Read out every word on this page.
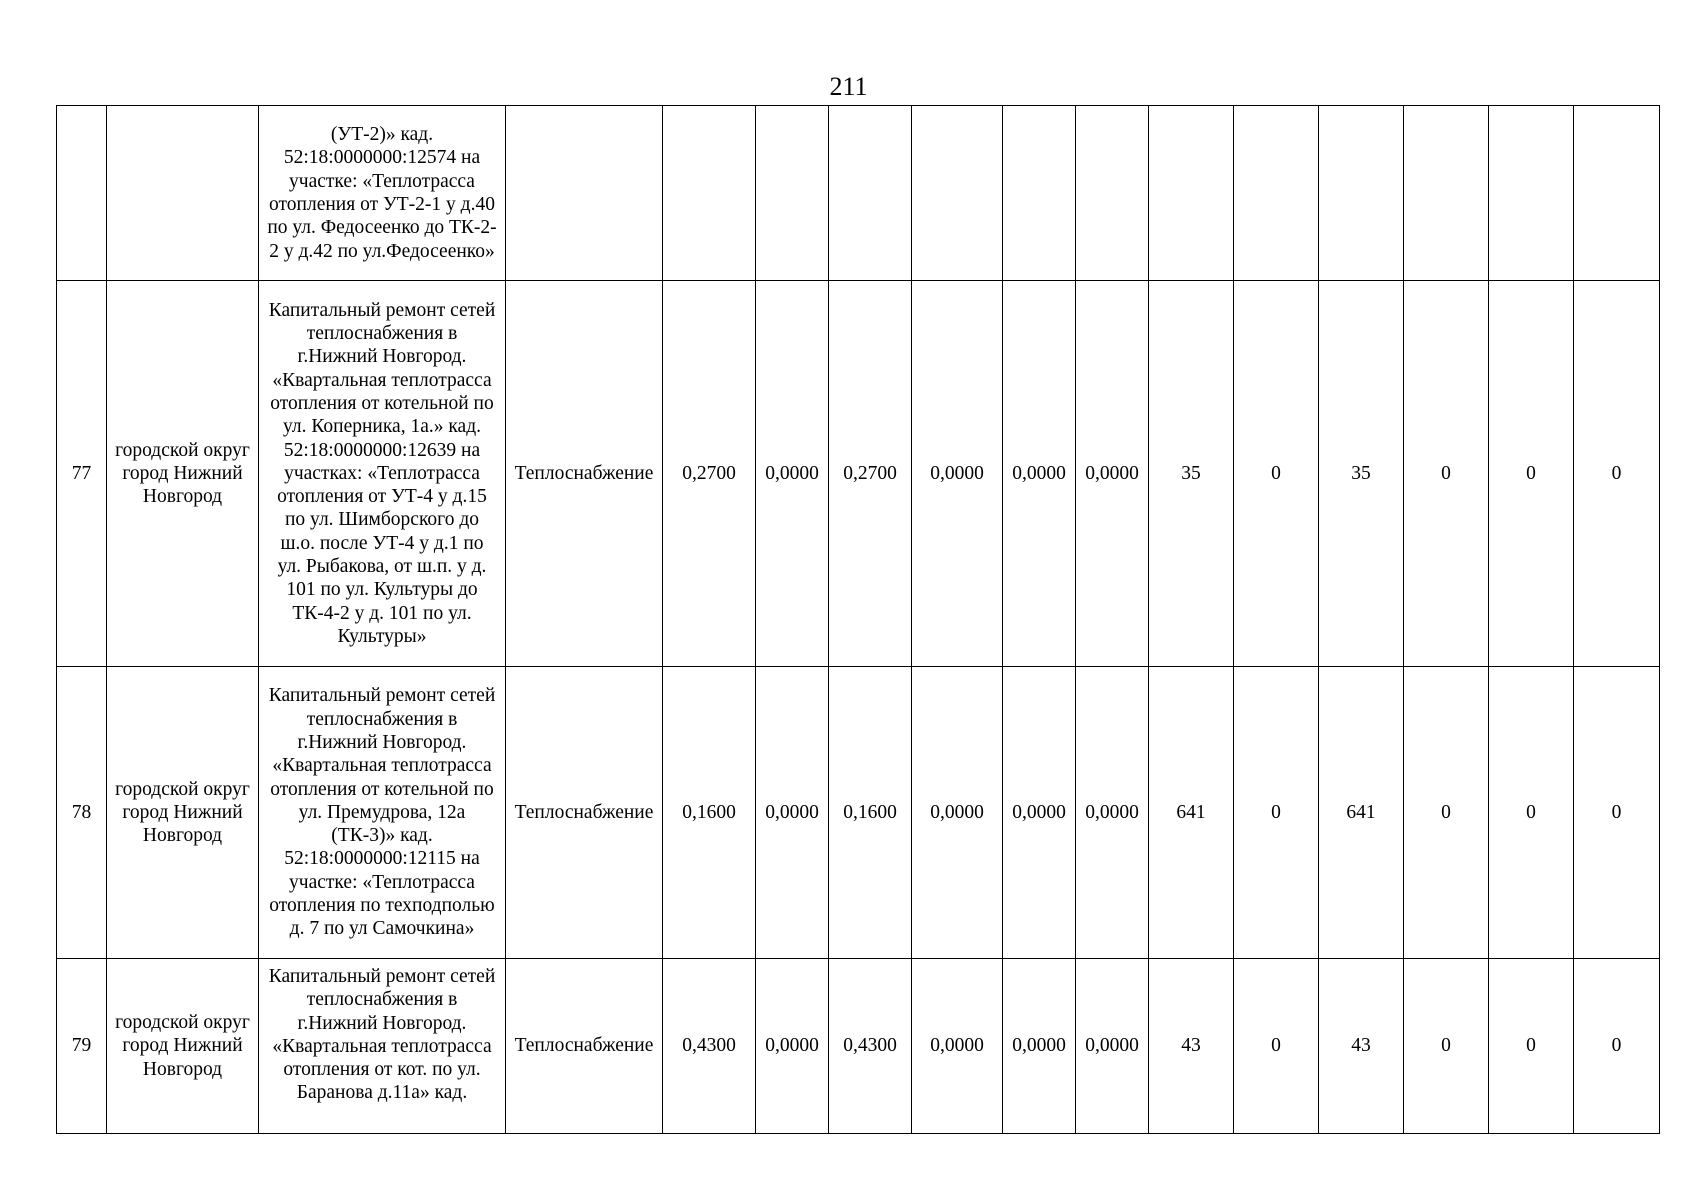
211
		(УТ-2)» кад. 52:18:0000000:12574 на участке: «Теплотрасса отопления от УТ-2-1 у д.40 по ул. Федосеенко до ТК-2-2 у д.42 по ул.Федосеенко»													
77	городской округ город Нижний Новгород	Капитальный ремонт сетей теплоснабжения в г.Нижний Новгород. «Квартальная теплотрасса отопления от котельной по ул. Коперника, 1а.» кад. 52:18:0000000:12639 на участках: «Теплотрасса отопления от УТ-4 у д.15 по ул. Шимборского до ш.о. после УТ-4 у д.1 по ул. Рыбакова, от ш.п. у д. 101 по ул. Культуры до ТК-4-2 у д. 101 по ул. Культуры»	Теплоснабжение	0,2700	0,0000	0,2700	0,0000	0,0000	0,0000	35	0	35	0	0	0
78	городской округ город Нижний Новгород	Капитальный ремонт сетей теплоснабжения в г.Нижний Новгород. «Квартальная теплотрасса отопления от котельной по ул. Премудрова, 12а (ТК-3)» кад. 52:18:0000000:12115 на участке: «Теплотрасса отопления по техподполью д. 7 по ул Самочкина»	Теплоснабжение	0,1600	0,0000	0,1600	0,0000	0,0000	0,0000	641	0	641	0	0	0
79	городской округ город Нижний Новгород	Капитальный ремонт сетей теплоснабжения в г.Нижний Новгород. «Квартальная теплотрасса отопления от кот. по ул. Баранова д.11а» кад.	Теплоснабжение	0,4300	0,0000	0,4300	0,0000	0,0000	0,0000	43	0	43	0	0	0
